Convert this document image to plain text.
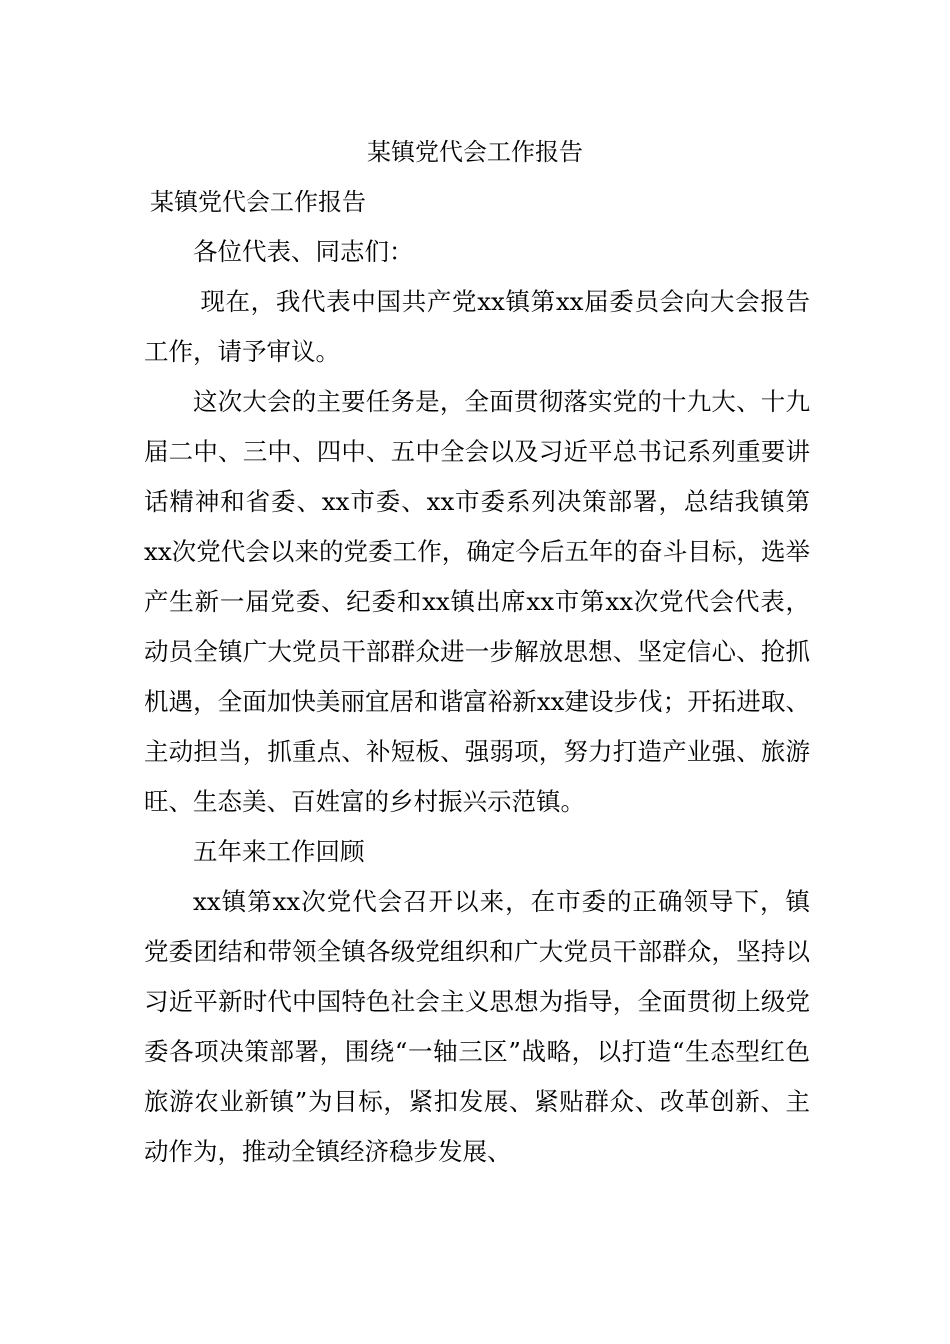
某镇党代会工作报告
某镇党代会工作报告

各位代表、同志们：

现在，我代表中国共产党xx镇第xx届委员会向大会报告工作，请予审议。

这次大会的主要任务是，全面贯彻落实党的十九大、十九届二中、三中、四中、五中全会以及习近平总书记系列重要讲话精神和省委、xx市委、xx市委系列决策部署，总结我镇第xx次党代会以来的党委工作，确定今后五年的奋斗目标，选举产生新一届党委、纪委和xx镇出席xx市第xx次党代会代表，动员全镇广大党员干部群众进一步解放思想、坚定信心、抢抓机遇，全面加快美丽宜居和谐富裕新xx建设步伐；开拓进取、主动担当，抓重点、补短板、强弱项，努力打造产业强、旅游旺、生态美、百姓富的乡村振兴示范镇。

五年来工作回顾

xx镇第xx次党代会召开以来，在市委的正确领导下，镇党委团结和带领全镇各级党组织和广大党员干部群众，坚持以习近平新时代中国特色社会主义思想为指导，全面贯彻上级党委各项决策部署，围绕“一轴三区”战略，以打造“生态型红色旅游农业新镇”为目标，紧扣发展、紧贴群众、改革创新、主动作为，推动全镇经济稳步发展、
